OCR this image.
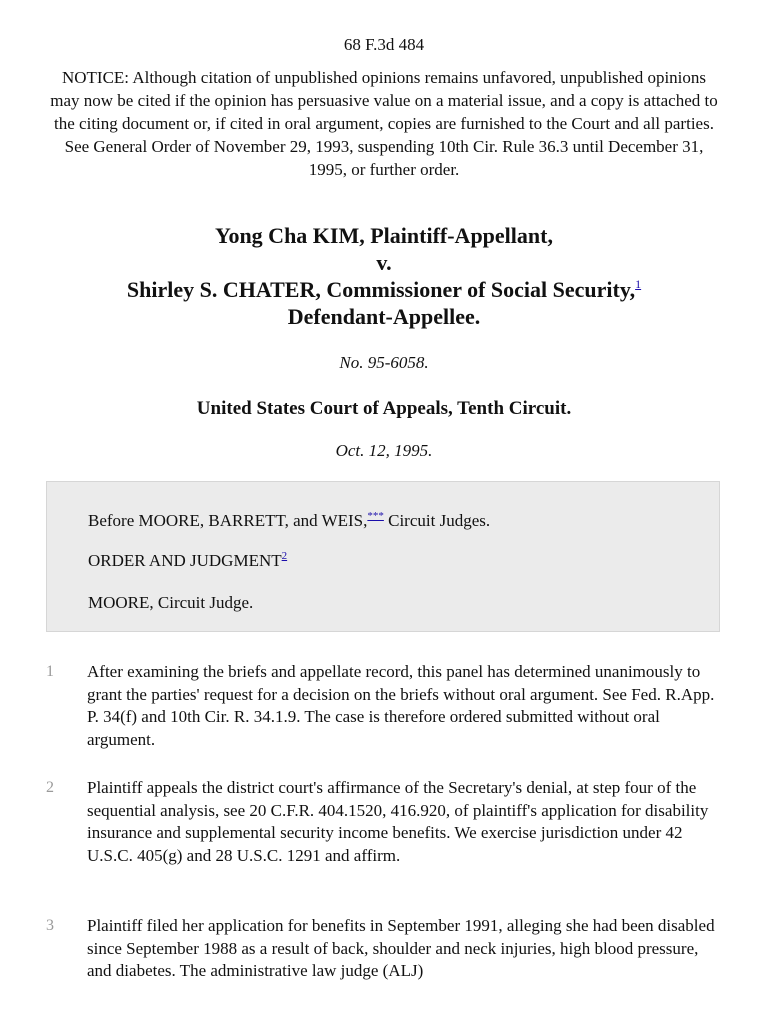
68 F.3d 484
NOTICE: Although citation of unpublished opinions remains unfavored, unpublished opinions may now be cited if the opinion has persuasive value on a material issue, and a copy is attached to the citing document or, if cited in oral argument, copies are furnished to the Court and all parties. See General Order of November 29, 1993, suspending 10th Cir. Rule 36.3 until December 31, 1995, or further order.
Yong Cha KIM, Plaintiff-Appellant,
v.
Shirley S. CHATER, Commissioner of Social Security,$^1$
Defendant-Appellee.
No. 95-6058.
United States Court of Appeals, Tenth Circuit.
Oct. 12, 1995.

Before MOORE, BARRETT, and WEIS,*** Circuit Judges.

ORDER AND JUDGMENT$^2$

MOORE, Circuit Judge.

1 After examining the briefs and appellate record, this panel has determined unanimously to grant the parties' request for a decision on the briefs without oral argument. See Fed. R.App. P. 34(f) and 10th Cir. R. 34.1.9. The case is therefore ordered submitted without oral argument.
2 Plaintiff appeals the district court's affirmance of the Secretary's denial, at step four of the sequential analysis, see 20 C.F.R. 404.1520, 416.920, of plaintiff's application for disability insurance and supplemental security income benefits. We exercise jurisdiction under 42 U.S.C. 405(g) and 28 U.S.C. 1291 and affirm.
3 Plaintiff filed her application for benefits in September 1991, alleging she had been disabled since September 1988 as a result of back, shoulder and neck injuries, high blood pressure, and diabetes. The administrative law judge (ALJ)
